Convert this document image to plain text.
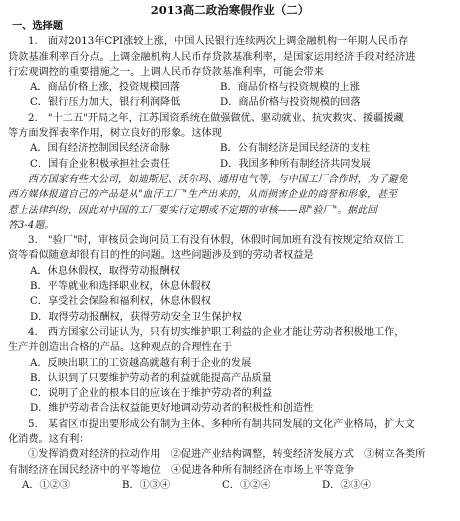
2013高二政治寒假作业（二）
一、选择题

1.　面对2013年CPI涨较上涨，中国人民银行连续两次上调金融机构一年期人民币存

贷款基准利率百分点。上调金融机构人民币存贷款基准利率，是国家运用经济手段对经济进

行宏观调控的重要措施之一。上调人民币存贷款基准利率，可能会带来

A．商品价格上涨，投资规模回落	B．商品价格与投资规模的上涨
C．银行压力加大，银行利润降低	D．商品价格与投资规模的回落

2.　"十二五"开局之年，江苏国资系统在做强做优、驱动就业、抗灾救灾、援疆援藏

等方面发挥表率作用，树立良好的形象。这体现

A．国有经济控制国民经济命脉	B．公有制经济是国民经济的支柱
C．国有企业积极承担社会责任	D．我国多种所有制经济共同发展

西方国家有些大公司，如迪斯尼、沃尔玛、通用电气等，与中国工厂合作时，为了避免

西方媒体报道自己的产品是从"血汗工厂"生产出来的，从而损害企业的商誉和形象，甚至

惹上法律纠纷，因此对中国的工厂要实行定期或不定期的审核——即"验厂"。据此回

答3-4题。

3.　"验厂"时，审核员会询问员工有没有休假，休假时间加班有没有按规定给双倍工

资等看似随意却很有目的性的问题。这些问题涉及到的劳动者权益是

A．休息休假权，取得劳动报酬权

B．平等就业和选择职业权，休息休假权

C．享受社会保险和福利权，休息休假权

D．取得劳动报酬权，获得劳动安全卫生保护权

4.　西方国家公司证认为，只有切实维护职工利益的企业才能让劳动者积极地工作，

生产并创造出合格的产品。这种观点的合理性在于

A．反映出职工的工资越高就越有利于企业的发展

B．认识到了只要维护劳动者的利益就能提高产品质量

C．说明了企业的根本目的应该在于维护劳动者的利益

D．维护劳动者合法权益能更好地调动劳动者的积极性和创造性

5.　某省区市提出要形成公有制为主体、多种所有制共同发展的文化产业格局，扩大文

化消费。这有利：

①发挥消费对经济的拉动作用　②促进产业结构调整，转变经济发展方式　③树立各类所

有制经济在国民经济中的平等地位　④促进各种所有制经济在市场上平等竞争

A．①②③	B．①③④	C．①②④	D．②③④
